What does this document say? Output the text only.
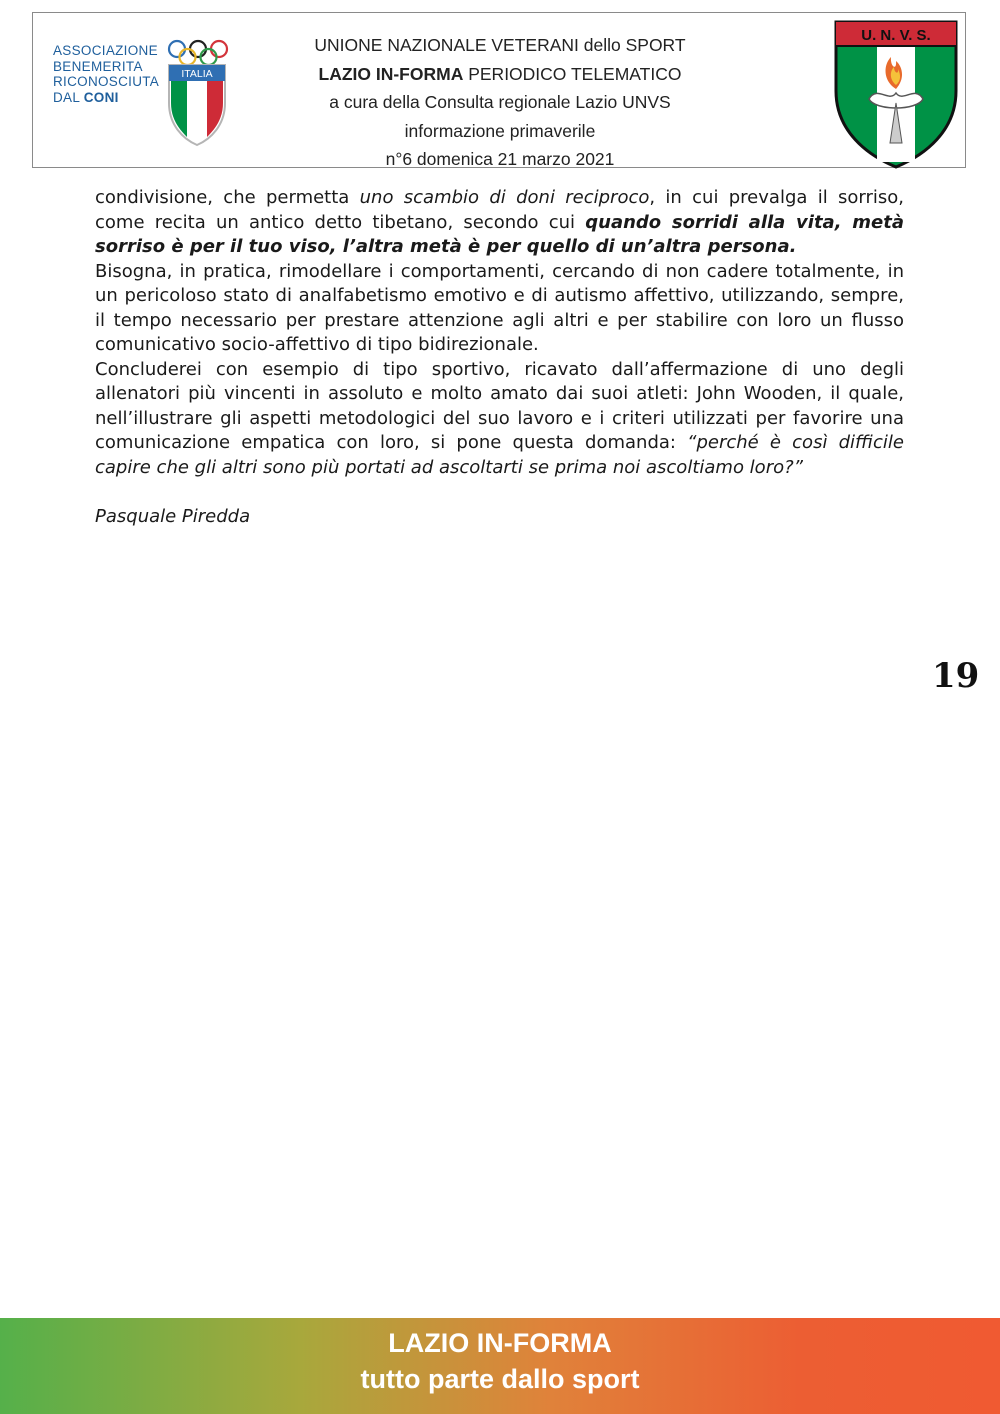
ASSOCIAZIONE
BENEMERITA
RICONOSCIUTA
DAL CONI
ITALIA
UNIONE NAZIONALE VETERANI dello SPORT
LAZIO IN-FORMA PERIODICO TELEMATICO
a cura della Consulta regionale Lazio UNVS
informazione primaverile
n°6 domenica 21 marzo 2021
U. N. V. S.

condivisione, che permetta uno scambio di doni reciproco, in cui prevalga il sorriso, come recita un antico detto tibetano, secondo cui quando sorridi alla vita, metà sorriso è per il tuo viso, l’altra metà è per quello di un’altra persona.

Bisogna, in pratica, rimodellare i comportamenti, cercando di non cadere totalmente, in un pericoloso stato di analfabetismo emotivo e di autismo affettivo, utilizzando, sempre, il tempo necessario per prestare attenzione agli altri e per stabilire con loro un flusso comunicativo socio-affettivo di tipo bidirezionale.

Concluderei con esempio di tipo sportivo, ricavato dall’affermazione di uno degli allenatori più vincenti in assoluto e molto amato dai suoi atleti: John Wooden, il quale, nell’illustrare gli aspetti metodologici del suo lavoro e i criteri utilizzati per favorire una comunicazione empatica con loro, si pone questa domanda: “perché è così difficile capire che gli altri sono più portati ad ascoltarti se prima noi ascoltiamo loro?”

Pasquale Piredda

19
LAZIO IN-FORMA
tutto parte dallo sport
